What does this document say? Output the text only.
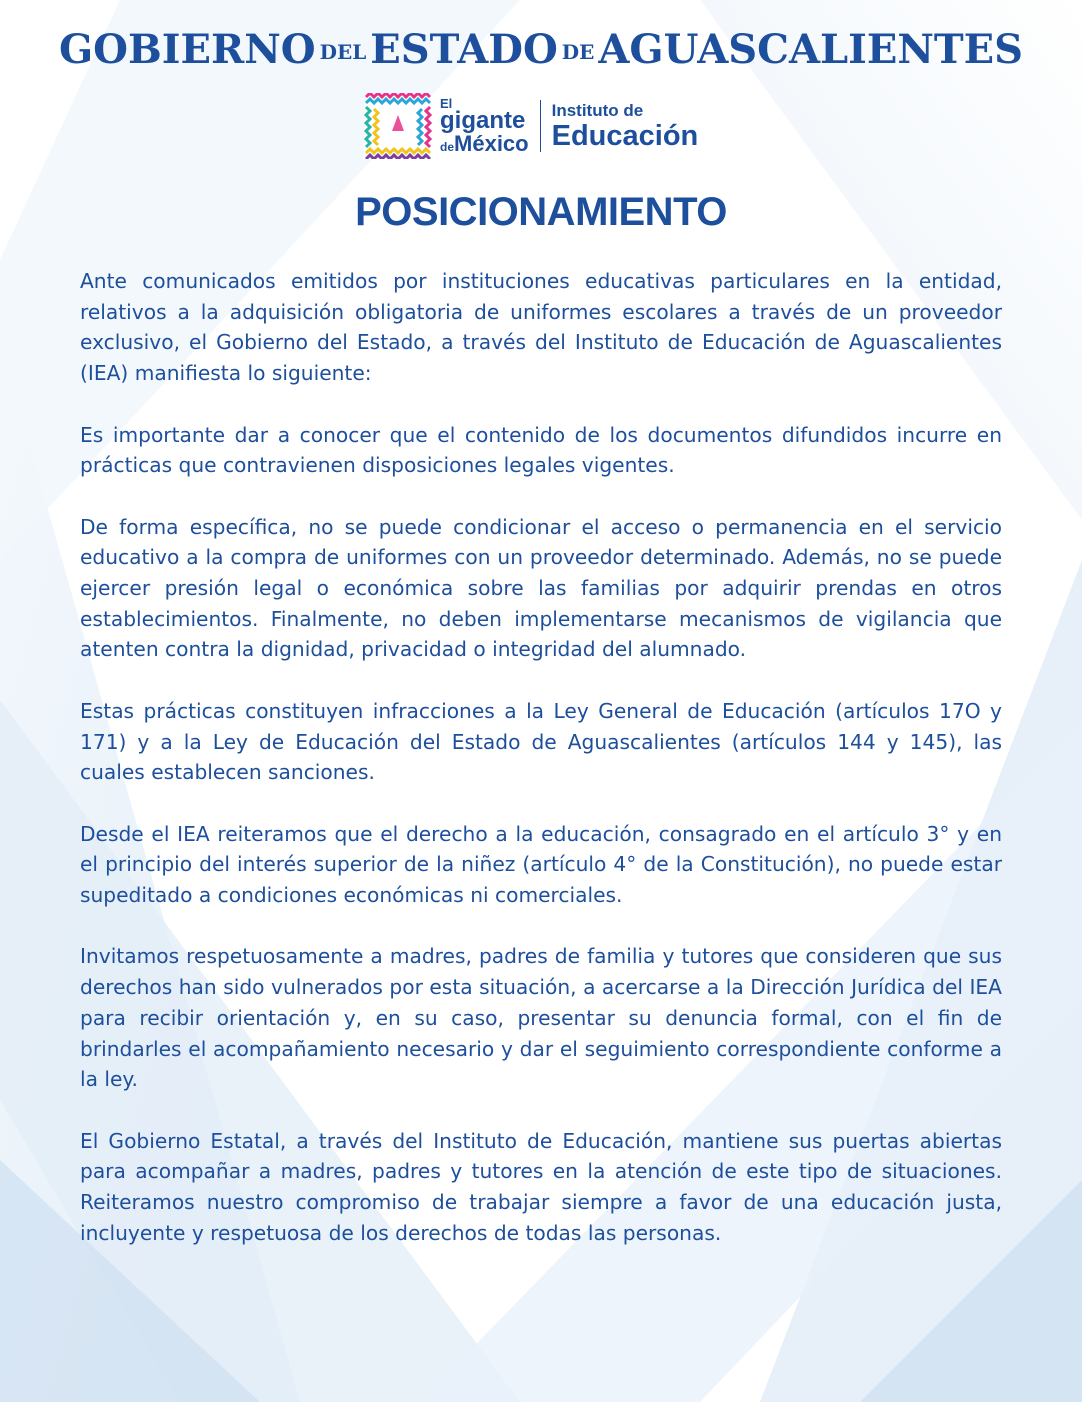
GOBIERNO DEL ESTADO DE AGUASCALIENTES
El
gigante
deMéxico
Instituto de
Educación
POSICIONAMIENTO

Ante comunicados emitidos por instituciones educativas particulares en la entidad, relativos a la adquisición obligatoria de uniformes escolares a través de un proveedor exclusivo, el Gobierno del Estado, a través del Instituto de Educación de Aguascalientes (IEA) manifiesta lo siguiente:

Es importante dar a conocer que el contenido de los documentos difundidos incurre en prácticas que contravienen disposiciones legales vigentes.

De forma específica, no se puede condicionar el acceso o permanencia en el servicio educativo a la compra de uniformes con un proveedor determinado. Además, no se puede ejercer presión legal o económica sobre las familias por adquirir prendas en otros establecimientos. Finalmente, no deben implementarse mecanismos de vigilancia que atenten contra la dignidad, privacidad o integridad del alumnado.

Estas prácticas constituyen infracciones a la Ley General de Educación (artículos 17O y 171) y a la Ley de Educación del Estado de Aguascalientes (artículos 144 y 145), las cuales establecen sanciones.

Desde el IEA reiteramos que el derecho a la educación, consagrado en el artículo 3° y en el principio del interés superior de la niñez (artículo 4° de la Constitución), no puede estar supeditado a condiciones económicas ni comerciales.

Invitamos respetuosamente a madres, padres de familia y tutores que consideren que sus derechos han sido vulnerados por esta situación, a acercarse a la Dirección Jurídica del IEA para recibir orientación y, en su caso, presentar su denuncia formal, con el fin de brindarles el acompañamiento necesario y dar el seguimiento correspondiente conforme a la ley.

El Gobierno Estatal, a través del Instituto de Educación, mantiene sus puertas abiertas para acompañar a madres, padres y tutores en la atención de este tipo de situaciones. Reiteramos nuestro compromiso de trabajar siempre a favor de una educación justa, incluyente y respetuosa de los derechos de todas las personas.
